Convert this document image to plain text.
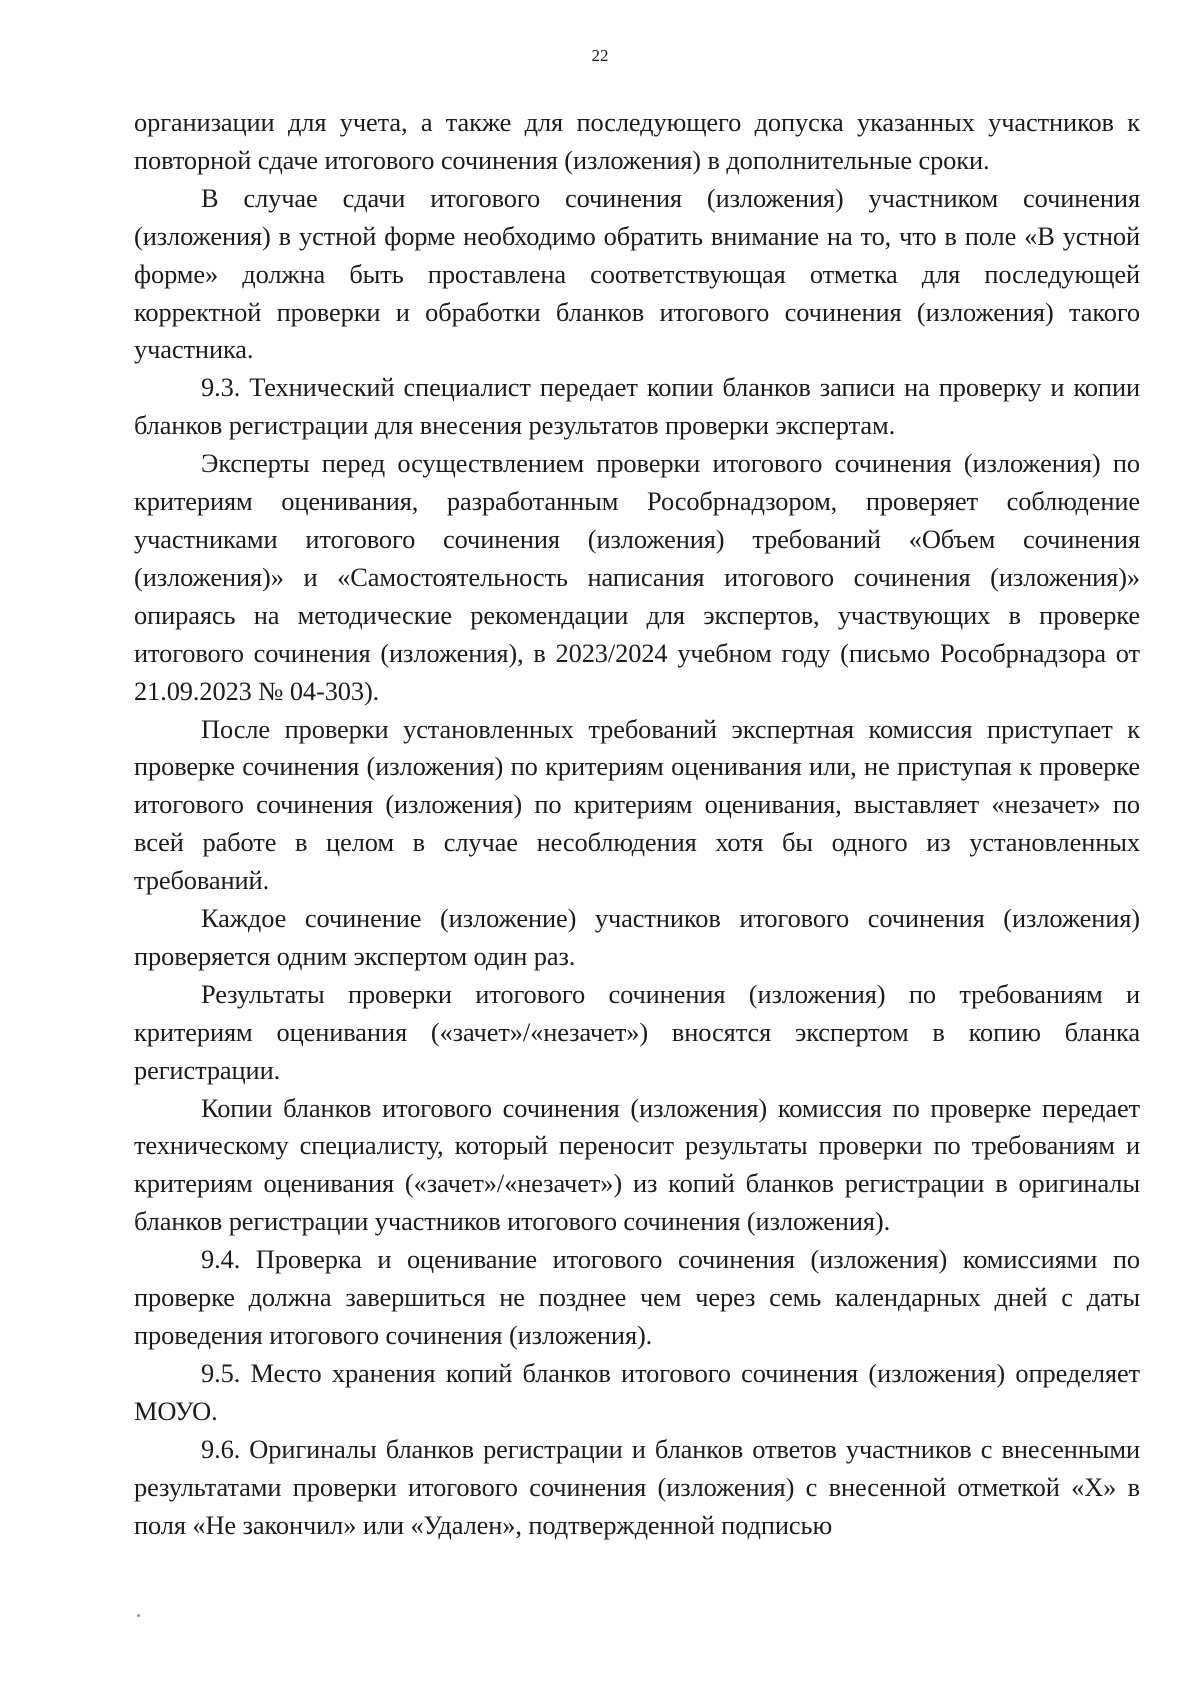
22

организации для учета, а также для последующего допуска указанных участников к повторной сдаче итогового сочинения (изложения) в дополнительные сроки.

В случае сдачи итогового сочинения (изложения) участником сочинения (изложения) в устной форме необходимо обратить внимание на то, что в поле «В устной форме» должна быть проставлена соответствующая отметка для последующей корректной проверки и обработки бланков итогового сочинения (изложения) такого участника.

9.3. Технический специалист передает копии бланков записи на проверку и копии бланков регистрации для внесения результатов проверки экспертам.

Эксперты перед осуществлением проверки итогового сочинения (изложения) по критериям оценивания, разработанным Рособрнадзором, проверяет соблюдение участниками итогового сочинения (изложения) требований «Объем сочинения (изложения)» и «Самостоятельность написания итогового сочинения (изложения)» опираясь на методические рекомендации для экспертов, участвующих в проверке итогового сочинения (изложения), в 2023/2024 учебном году (письмо Рособрнадзора от 21.09.2023 № 04-303).

После проверки установленных требований экспертная комиссия приступает к проверке сочинения (изложения) по критериям оценивания или, не приступая к проверке итогового сочинения (изложения) по критериям оценивания, выставляет «незачет» по всей работе в целом в случае несоблюдения хотя бы одного из установленных требований.

Каждое сочинение (изложение) участников итогового сочинения (изложения) проверяется одним экспертом один раз.

Результаты проверки итогового сочинения (изложения) по требованиям и критериям оценивания («зачет»/«незачет») вносятся экспертом в копию бланка регистрации.

Копии бланков итогового сочинения (изложения) комиссия по проверке передает техническому специалисту, который переносит результаты проверки по требованиям и критериям оценивания («зачет»/«незачет») из копий бланков регистрации в оригиналы бланков регистрации участников итогового сочинения (изложения).

9.4. Проверка и оценивание итогового сочинения (изложения) комиссиями по проверке должна завершиться не позднее чем через семь календарных дней с даты проведения итогового сочинения (изложения).

9.5. Место хранения копий бланков итогового сочинения (изложения) определяет МОУО.

9.6. Оригиналы бланков регистрации и бланков ответов участников с внесенными результатами проверки итогового сочинения (изложения) с внесенной отметкой «Х» в поля «Не закончил» или «Удален», подтвержденной подписью
